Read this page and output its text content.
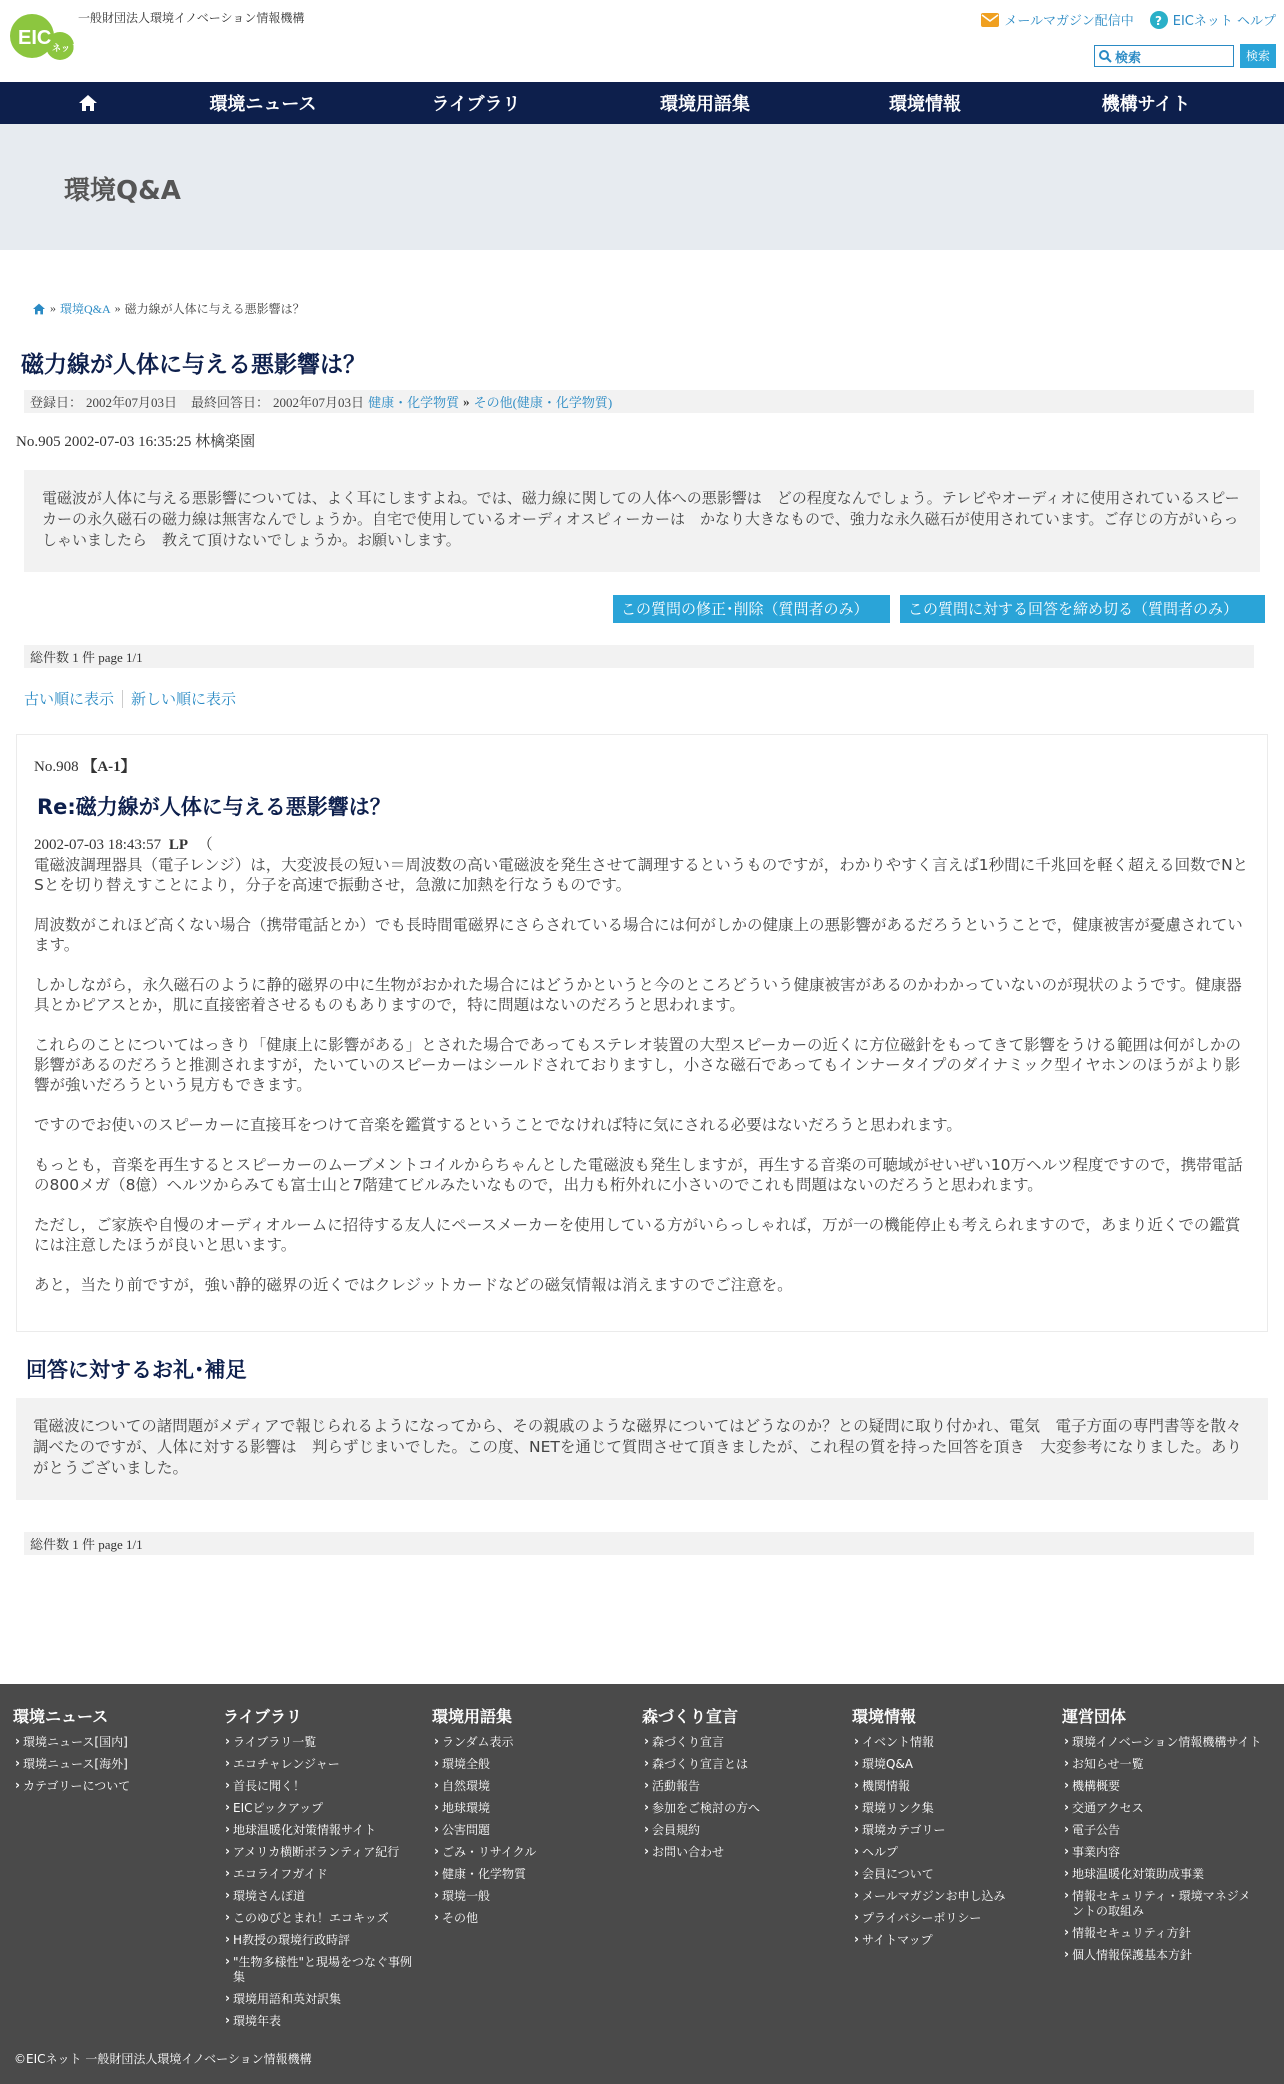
EIC ネット
一般財団法人環境イノベーション情報機構	メールマガジン配信中 ? EICネット ヘルプ
検索	検索
環境ニュース	ライブラリ	環境用語集	環境情報	機構サイト
環境Q&A
» 環境Q&A » 磁力線が人体に与える悪影響は？
磁力線が人体に与える悪影響は？
登録日： 2002年07月03日 最終回答日： 2002年07月03日 健康・化学物質 » その他(健康・化学物質)
No.905 2002-07-03 16:35:25 林檎楽園
電磁波が人体に与える悪影響については、よく耳にしますよね。では、磁力線に関しての人体への悪影響は　どの程度なんでしょう。テレビやオーディオに使用されているスピーカーの永久磁石の磁力線は無害なんでしょうか。自宅で使用しているオーディオスピィーカーは　かなり大きなもので、強力な永久磁石が使用されています。ご存じの方がいらっしゃいましたら　教えて頂けないでしょうか。お願いします。
この質問の修正･削除（質問者のみ）	この質問に対する回答を締め切る（質問者のみ）
総件数 1 件 page 1/1
古い順に表示 新しい順に表示
No.908 【A-1】
Re:磁力線が人体に与える悪影響は？
2002-07-03 18:43:57 LP （

電磁波調理器具（電子レンジ）は，大変波長の短い＝周波数の高い電磁波を発生させて調理するというものですが，わかりやすく言えば1秒間に千兆回を軽く超える回数でNとSとを切り替えすことにより，分子を高速で振動させ，急激に加熱を行なうものです。

周波数がこれほど高くない場合（携帯電話とか）でも長時間電磁界にさらされている場合には何がしかの健康上の悪影響があるだろうということで，健康被害が憂慮されています。

しかしながら，永久磁石のように静的磁界の中に生物がおかれた場合にはどうかというと今のところどういう健康被害があるのかわかっていないのが現状のようです。健康器具とかピアスとか，肌に直接密着させるものもありますので，特に問題はないのだろうと思われます。

これらのことについてはっきり「健康上に影響がある」とされた場合であってもステレオ装置の大型スピーカーの近くに方位磁針をもってきて影響をうける範囲は何がしかの影響があるのだろうと推測されますが，たいていのスピーカーはシールドされておりますし，小さな磁石であってもインナータイプのダイナミック型イヤホンのほうがより影響が強いだろうという見方もできます。

ですのでお使いのスピーカーに直接耳をつけて音楽を鑑賞するということでなければ特に気にされる必要はないだろうと思われます。

もっとも，音楽を再生するとスピーカーのムーブメントコイルからちゃんとした電磁波も発生しますが，再生する音楽の可聴域がせいぜい10万ヘルツ程度ですので，携帯電話の800メガ（8億）ヘルツからみても富士山と7階建てビルみたいなもので，出力も桁外れに小さいのでこれも問題はないのだろうと思われます。

ただし，ご家族や自慢のオーディオルームに招待する友人にペースメーカーを使用している方がいらっしゃれば，万が一の機能停止も考えられますので，あまり近くでの鑑賞には注意したほうが良いと思います。

あと，当たり前ですが，強い静的磁界の近くではクレジットカードなどの磁気情報は消えますのでご注意を。

回答に対するお礼･補足
電磁波についての諸問題がメディアで報じられるようになってから、その親戚のような磁界についてはどうなのか？との疑問に取り付かれ、電気　電子方面の専門書等を散々調べたのですが、人体に対する影響は　判らずじまいでした。この度、NETを通じて質問させて頂きましたが、これ程の質を持った回答を頂き　大変参考になりました。ありがとうございました。
総件数 1 件 page 1/1
環境ニュース
› 環境ニュース[国内]
› 環境ニュース[海外]
› カテゴリーについて
ライブラリ
› ライブラリ一覧
› エコチャレンジャー
› 首長に聞く！
› EICピックアップ
› 地球温暖化対策情報サイト
› アメリカ横断ボランティア紀行
› エコライフガイド
› 環境さんぽ道
› このゆびとまれ！エコキッズ
› H教授の環境行政時評
› "生物多様性"と現場をつなぐ事例集
› 環境用語和英対訳集
› 環境年表
環境用語集
› ランダム表示
› 環境全般
› 自然環境
› 地球環境
› 公害問題
› ごみ・リサイクル
› 健康・化学物質
› 環境一般
› その他
森づくり宣言
› 森づくり宣言
› 森づくり宣言とは
› 活動報告
› 参加をご検討の方へ
› 会員規約
› お問い合わせ
環境情報
› イベント情報
› 環境Q&A
› 機関情報
› 環境リンク集
› 環境カテゴリー
› ヘルプ
› 会員について
› メールマガジンお申し込み
› プライバシーポリシー
› サイトマップ
運営団体
› 環境イノベーション情報機構サイト
› お知らせ一覧
› 機構概要
› 交通アクセス
› 電子公告
› 事業内容
› 地球温暖化対策助成事業
› 情報セキュリティ・環境マネジメントの取組み
› 情報セキュリティ方針
› 個人情報保護基本方針
©EICネット 一般財団法人環境イノベーション情報機構
